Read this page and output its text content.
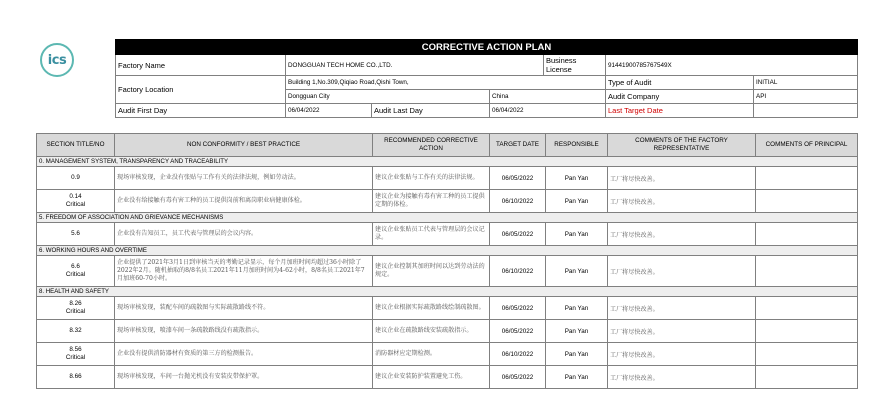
ics
CORRECTIVE ACTION PLAN						
Factory Name	DONGGUAN TECH HOME CO.,LTD.			Business License	91441900785767549X	
Factory Location	Building 1,No.309,Qiqiao Road,Qishi Town,				Type of Audit	INITIAL
	Dongguan City		China		Audit Company	API
Audit First Day	06/04/2022	Audit Last Day	06/04/2022		Last Target Date	
SECTION TITLE/NO	NON CONFORMITY / BEST PRACTICE	RECOMMENDED CORRECTIVE ACTION	TARGET DATE	RESPONSIBLE	COMMENTS OF THE FACTORY REPRESENTATIVE	COMMENTS OF PRINCIPAL
0. MANAGEMENT SYSTEM, TRANSPARENCY AND TRACEABILITY						
0.9	现场审核发现，企业没有张贴与工作有关的法律法规，例如劳动法。	建议企业张贴与工作有关的法律法规。	06/05/2022	Pan Yan	工厂将尽快改善。	
0.14
Critical	企业没有给接触有毒有害工种的员工提供岗前和离岗职业病健康体检。	建议企业为接触有毒有害工种的员工提供定期的体检。	06/10/2022	Pan Yan	工厂将尽快改善。	
5. FREEDOM OF ASSOCIATION AND GRIEVANCE MECHANISMS						
5.6	企业没有告知员工，员工代表与管理层的会议内容。	建议企业张贴员工代表与管理层的会议记录。	06/05/2022	Pan Yan	工厂将尽快改善。	
6. WORKING HOURS AND OVERTIME						
6.6
Critical	企业提供了2021年3月1日到审核当天的考勤记录显示，每个月加班时间均超过36小时除了2022年2月。随机抽取的8/8名员工2021年11月加班时间为4-62小时，8/8名员工2021年7月加班60-70小时。	建议企业控制其加班时间以达到劳动法的规定。	06/10/2022	Pan Yan	工厂将尽快改善。	
8. HEALTH AND SAFETY						
8.26
Critical	现场审核发现，装配车间的疏散图与实际疏散路线不符。	建议企业根据实际疏散路线绘制疏散图。	06/05/2022	Pan Yan	工厂将尽快改善。	
8.32	现场审核发现，喷漆车间一条疏散路线没有疏散指示。	建议企业在疏散路线安装疏散指示。	06/05/2022	Pan Yan	工厂将尽快改善。	
8.56
Critical	企业没有提供消防器材有资质的第三方的检测报告。	消防器材应定期检测。	06/10/2022	Pan Yan	工厂将尽快改善。	
8.66	现场审核发现，车间一台抛光机没有安装皮带保护罩。	建议企业安装防护装置避免工伤。	06/05/2022	Pan Yan	工厂将尽快改善。	
